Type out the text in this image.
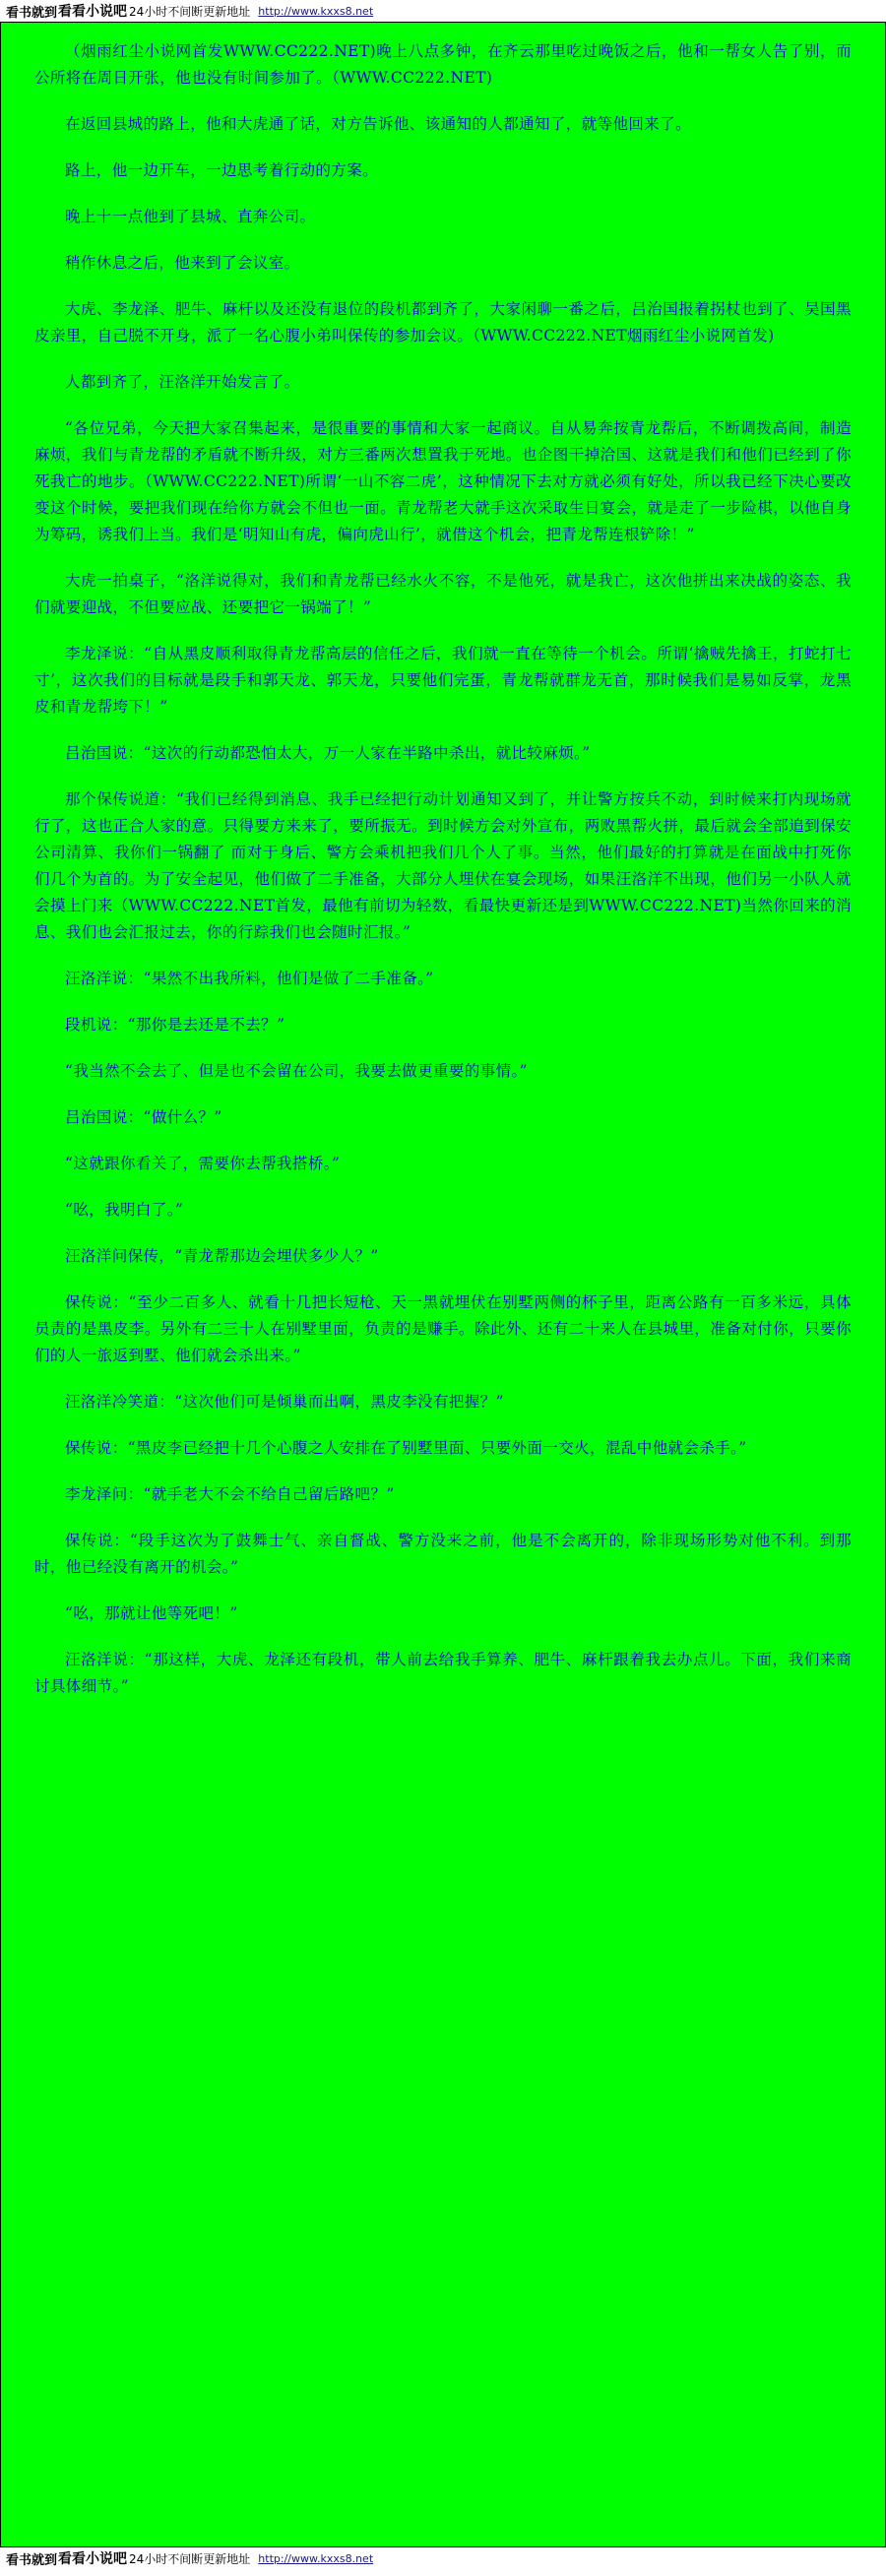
看书就到 看看小说吧 24小时不间断更新地址 http://www.kxxs8.net

（烟雨红尘小说网首发WWW.CC222.NET)晚上八点多钟，在齐云那里吃过晚饭之后，他和一帮女人告了别，而公所将在周日开张，他也没有时间参加了。（WWW.CC222.NET)

在返回县城的路上，他和大虎通了话，对方告诉他、该通知的人都通知了，就等他回来了。

路上，他一边开车，一边思考着行动的方案。

晚上十一点他到了县城、直奔公司。

稍作休息之后，他来到了会议室。

大虎、李龙泽、肥牛、麻杆以及还没有退位的段机都到齐了，大家闲聊一番之后，吕治国报着拐杖也到了、吴国黑皮亲里，自己脱不开身，派了一名心腹小弟叫保传的参加会议。（WWW.CC222.NET烟雨红尘小说网首发)

人都到齐了，汪洛洋开始发言了。

“各位兄弟，今天把大家召集起来，是很重要的事情和大家一起商议。自从易奔按青龙帮后，不断调拨高间，制造麻烦，我们与青龙帮的矛盾就不断升级，对方三番两次想置我于死地。也企图干掉洽国、这就是我们和他们已经到了你死我亡的地步。（WWW.CC222.NET)所谓‘一山不容二虎’，这种情况下去对方就必须有好处，所以我已经下决心要改变这个时候，要把我们现在给你方就会不但也一面。青龙帮老大就手这次采取生日宴会，就是走了一步险棋，以他自身为筹码，诱我们上当。我们是‘明知山有虎，偏向虎山行’，就借这个机会，把青龙帮连根铲除！”

大虎一拍桌子，“洛洋说得对，我们和青龙帮已经水火不容，不是他死，就是我亡，这次他拼出来决战的姿态、我们就要迎战，不但要应战、还要把它一锅端了！”

李龙泽说：“自从黑皮顺利取得青龙帮高层的信任之后，我们就一直在等待一个机会。所谓‘擒贼先擒王，打蛇打七寸’，这次我们的目标就是段手和郭天龙、郭天龙，只要他们完蛋，青龙帮就群龙无首，那时候我们是易如反掌，龙黑皮和青龙帮垮下！”

吕治国说：“这次的行动都恐怕太大，万一人家在半路中杀出，就比较麻烦。”

那个保传说道：“我们已经得到消息、我手已经把行动计划通知又到了，并让警方按兵不动，到时候来打内现场就行了，这也正合人家的意。只得要方来来了，要所振无。到时候方会对外宣布，两败黑帮火拼，最后就会全部追到保安公司清算、我你们一锅翻了 而对于身后、警方会乘机把我们几个人了事。当然，他们最好的打算就是在面战中打死你们几个为首的。为了安全起见，他们做了二手准备，大部分人埋伏在宴会现场，如果汪洛洋不出现，他们另一小队人就会摸上门来（WWW.CC222.NET首发，最他有前切为轻数，看最快更新还是到WWW.CC222.NET)当然你回来的消息、我们也会汇报过去，你的行踪我们也会随时汇报。”

汪洛洋说：“果然不出我所料，他们是做了二手准备。”

段机说：“那你是去还是不去？”

“我当然不会去了、但是也不会留在公司，我要去做更重要的事情。”

吕治国说：“做什么？”

“这就跟你看关了，需要你去帮我搭桥。”

“吆，我明白了。”

汪洛洋问保传，“青龙帮那边会埋伏多少人？”

保传说：“至少二百多人、就看十几把长短枪、天一黑就埋伏在别墅两侧的杯子里，距离公路有一百多米远，具体员责的是黑皮李。另外有二三十人在别墅里面，负责的是赚手。除此外、还有二十来人在县城里，准备对付你，只要你们的人一旅返到墅、他们就会杀出来。”

汪洛洋冷笑道：“这次他们可是倾巢而出啊，黑皮李没有把握？”

保传说：“黑皮李已经把十几个心腹之人安排在了别墅里面、只要外面一交火，混乱中他就会杀手。”

李龙泽问：“就手老大不会不给自己留后路吧？”

保传说：“段手这次为了鼓舞士气、亲自督战、警方没来之前，他是不会离开的，除非现场形势对他不利。到那时，他已经没有离开的机会。”

“吆，那就让他等死吧！”

汪洛洋说：“那这样，大虎、龙泽还有段机，带人前去给我手算养、肥牛、麻杆跟着我去办点儿。下面，我们来商讨具体细节。”

看书就到 看看小说吧 24小时不间断更新地址 http://www.kxxs8.net
